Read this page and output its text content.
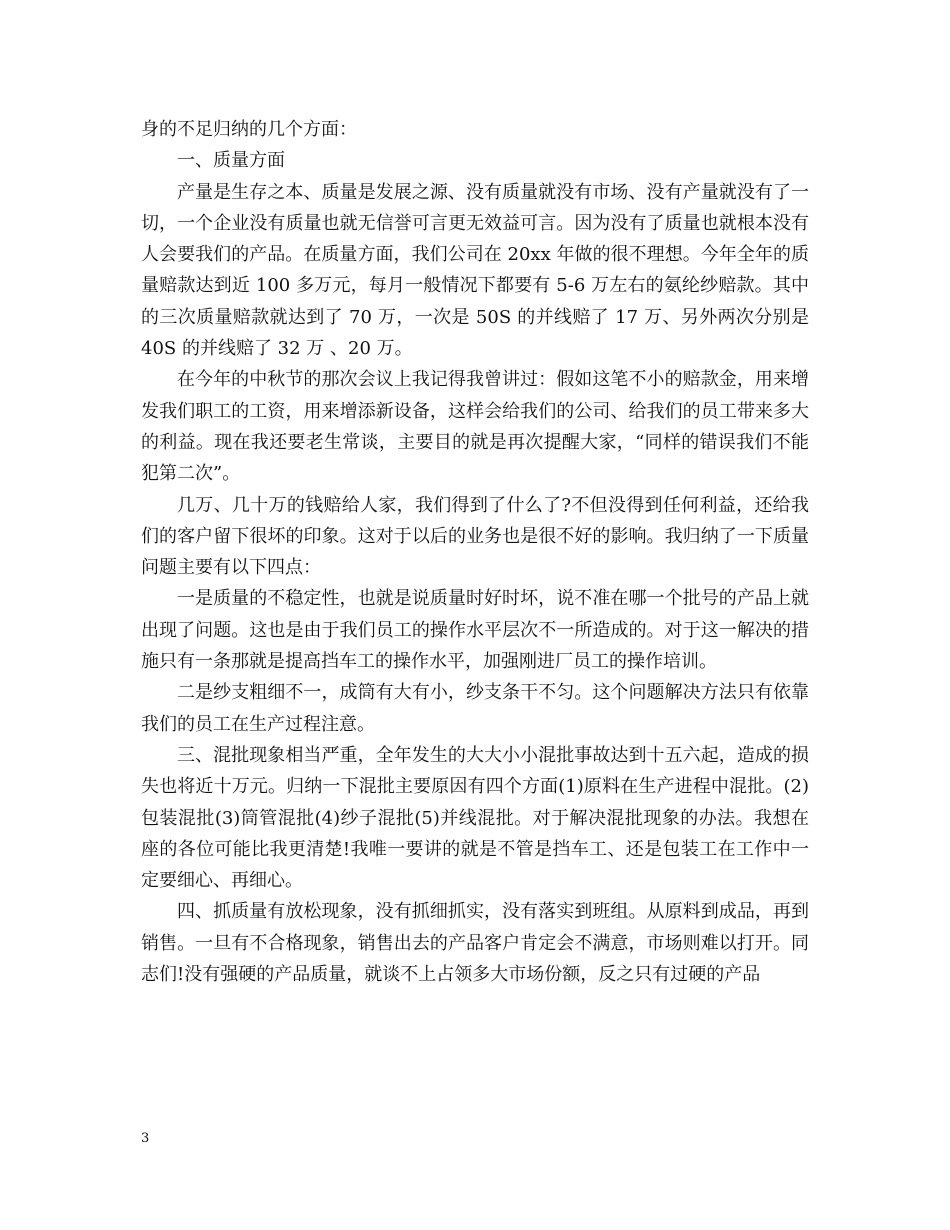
身的不足归纳的几个方面：

一、质量方面

产量是生存之本、质量是发展之源、没有质量就没有市场、没有产量就没有了一切，一个企业没有质量也就无信誉可言更无效益可言。因为没有了质量也就根本没有人会要我们的产品。在质量方面，我们公司在 20xx 年做的很不理想。今年全年的质量赔款达到近 100 多万元，每月一般情况下都要有 5-6 万左右的氨纶纱赔款。其中的三次质量赔款就达到了 70 万，一次是 50S 的并线赔了 17 万、另外两次分别是 40S 的并线赔了 32 万 、20 万。

在今年的中秋节的那次会议上我记得我曾讲过：假如这笔不小的赔款金，用来增发我们职工的工资，用来增添新设备，这样会给我们的公司、给我们的员工带来多大的利益。现在我还要老生常谈，主要目的就是再次提醒大家，“同样的错误我们不能犯第二次”。

几万、几十万的钱赔给人家，我们得到了什么了?不但没得到任何利益，还给我们的客户留下很坏的印象。这对于以后的业务也是很不好的影响。我归纳了一下质量问题主要有以下四点：

一是质量的不稳定性，也就是说质量时好时坏，说不准在哪一个批号的产品上就出现了问题。这也是由于我们员工的操作水平层次不一所造成的。对于这一解决的措施只有一条那就是提高挡车工的操作水平，加强刚进厂员工的操作培训。

二是纱支粗细不一，成筒有大有小，纱支条干不匀。这个问题解决方法只有依靠我们的员工在生产过程注意。

三、混批现象相当严重，全年发生的大大小小混批事故达到十五六起，造成的损失也将近十万元。归纳一下混批主要原因有四个方面(1)原料在生产进程中混批。(2)包装混批(3)筒管混批(4)纱子混批(5)并线混批。对于解决混批现象的办法。我想在座的各位可能比我更清楚!我唯一要讲的就是不管是挡车工、还是包装工在工作中一定要细心、再细心。

四、抓质量有放松现象，没有抓细抓实，没有落实到班组。从原料到成品，再到销售。一旦有不合格现象，销售出去的产品客户肯定会不满意，市场则难以打开。同志们!没有强硬的产品质量，就谈不上占领多大市场份额，反之只有过硬的产品

3
